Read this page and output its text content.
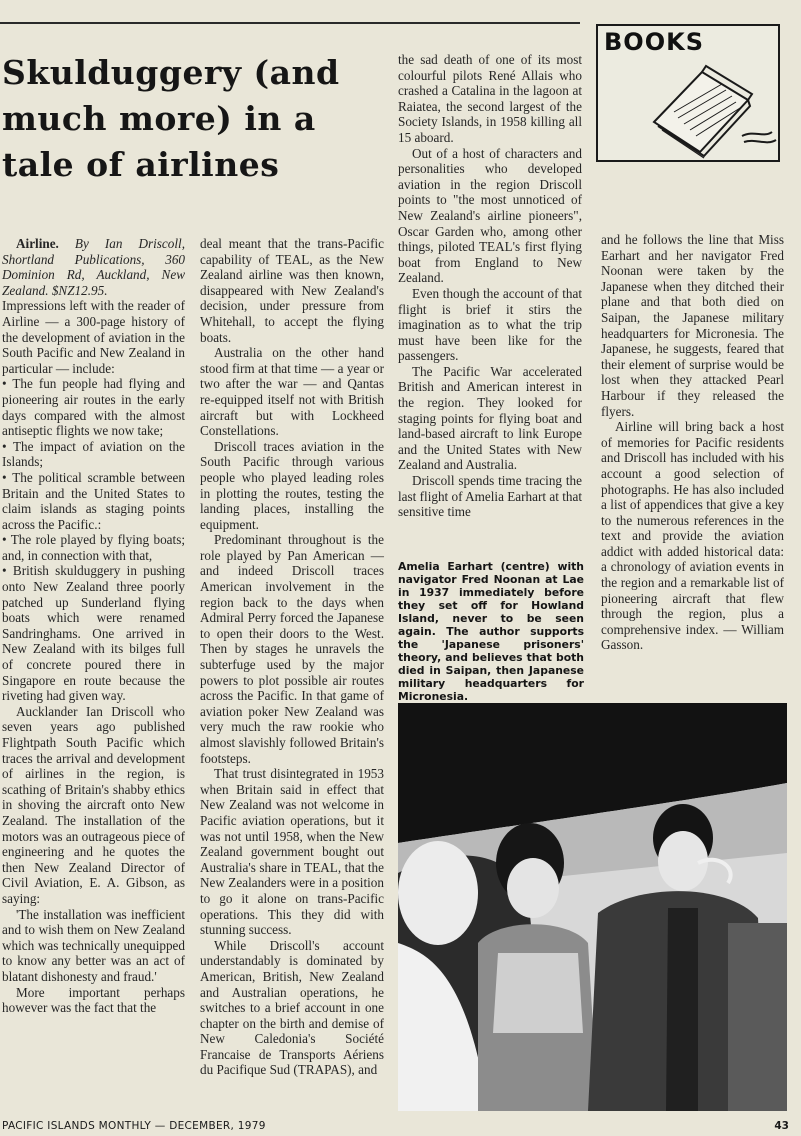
Skulduggery (and much more) in a tale of airlines

Airline. By Ian Driscoll, Shortland Publications, 360 Dominion Rd, Auckland, New Zealand. $NZ12.95.

Impressions left with the reader of Airline — a 300-page history of the development of aviation in the South Pacific and New Zealand in particular — include:

• The fun people had flying and pioneering air routes in the early days compared with the almost antiseptic flights we now take;

• The impact of aviation on the Islands;

• The political scramble between Britain and the United States to claim islands as staging points across the Pacific.:

• The role played by flying boats; and, in connection with that,

• British skulduggery in pushing onto New Zealand three poorly patched up Sunderland flying boats which were renamed Sandringhams. One arrived in New Zealand with its bilges full of concrete poured there in Singapore en route because the riveting had given way.

Aucklander Ian Driscoll who seven years ago published Flightpath South Pacific which traces the arrival and development of airlines in the region, is scathing of Britain's shabby ethics in shoving the aircraft onto New Zealand. The installation of the motors was an outrageous piece of engineering and he quotes the then New Zealand Director of Civil Aviation, E. A. Gibson, as saying:

'The installation was inefficient and to wish them on New Zealand which was technically unequipped to know any better was an act of blatant dishonesty and fraud.'

More important perhaps however was the fact that the

deal meant that the trans-Pacific capability of TEAL, as the New Zealand airline was then known, disappeared with New Zealand's decision, under pressure from Whitehall, to accept the flying boats.

Australia on the other hand stood firm at that time — a year or two after the war — and Qantas re-equipped itself not with British aircraft but with Lockheed Constellations.

Driscoll traces aviation in the South Pacific through various people who played leading roles in plotting the routes, testing the landing places, installing the equipment.

Predominant throughout is the role played by Pan American — and indeed Driscoll traces American involvement in the region back to the days when Admiral Perry forced the Japanese to open their doors to the West. Then by stages he unravels the subterfuge used by the major powers to plot possible air routes across the Pacific. In that game of aviation poker New Zealand was very much the raw rookie who almost slavishly followed Britain's footsteps.

That trust disintegrated in 1953 when Britain said in effect that New Zealand was not welcome in Pacific aviation operations, but it was not until 1958, when the New Zealand government bought out Australia's share in TEAL, that the New Zealanders were in a position to go it alone on trans-Pacific operations. This they did with stunning success.

While Driscoll's account understandably is dominated by American, British, New Zealand and Australian operations, he switches to a brief account in one chapter on the birth and demise of New Caledonia's Société Francaise de Transports Aériens du Pacifique Sud (TRAPAS), and

the sad death of one of its most colourful pilots René Allais who crashed a Catalina in the lagoon at Raiatea, the second largest of the Society Islands, in 1958 killing all 15 aboard.

Out of a host of characters and personalities who developed aviation in the region Driscoll points to "the most unnoticed of New Zealand's airline pioneers", Oscar Garden who, among other things, piloted TEAL's first flying boat from England to New Zealand.

Even though the account of that flight is brief it stirs the imagination as to what the trip must have been like for the passengers.

The Pacific War accelerated British and American interest in the region. They looked for staging points for flying boat and land-based aircraft to link Europe and the United States with New Zealand and Australia.

Driscoll spends time tracing the last flight of Amelia Earhart at that sensitive time

Amelia Earhart (centre) with navigator Fred Noonan at Lae in 1937 immediately before they set off for Howland Island, never to be seen again. The author supports the 'Japanese prisoners' theory, and believes that both died in Saipan, then Japanese military headquarters for Micronesia.

BOOKS

and he follows the line that Miss Earhart and her navigator Fred Noonan were taken by the Japanese when they ditched their plane and that both died on Saipan, the Japanese military headquarters for Micronesia. The Japanese, he suggests, feared that their element of surprise would be lost when they attacked Pearl Harbour if they released the flyers.

Airline will bring back a host of memories for Pacific residents and Driscoll has included with his account a good selection of photographs. He has also included a list of appendices that give a key to the numerous references in the text and provide the aviation addict with added historical data: a chronology of aviation events in the region and a remarkable list of pioneering aircraft that flew through the region, plus a comprehensive index. — William Gasson.

PACIFIC ISLANDS MONTHLY — DECEMBER, 1979	43
